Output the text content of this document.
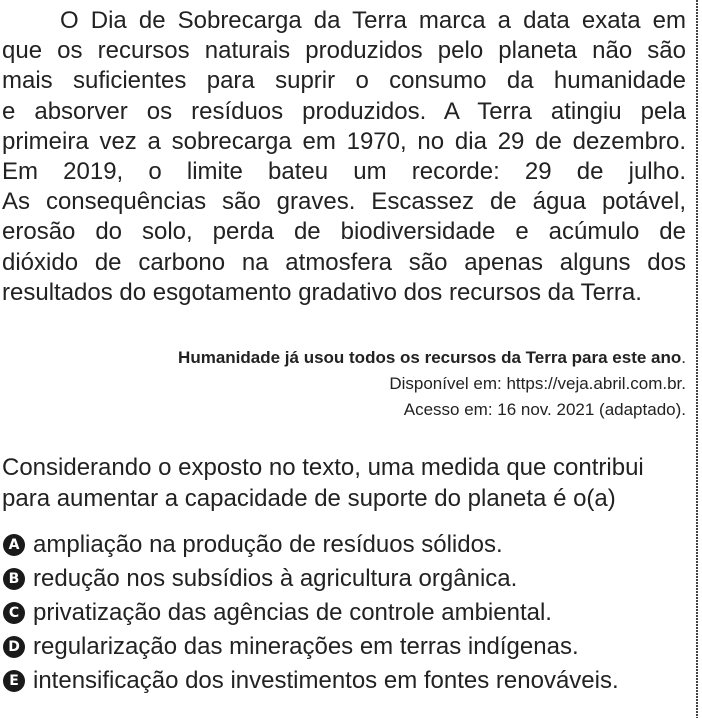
O Dia de Sobrecarga da Terra marca a data exata em
que os recursos naturais produzidos pelo planeta não são
mais suficientes para suprir o consumo da humanidade
e absorver os resíduos produzidos. A Terra atingiu pela
primeira vez a sobrecarga em 1970, no dia 29 de dezembro.
Em 2019, o limite bateu um recorde: 29 de julho.
As consequências são graves. Escassez de água potável,
erosão do solo, perda de biodiversidade e acúmulo de
dióxido de carbono na atmosfera são apenas alguns dos
resultados do esgotamento gradativo dos recursos da Terra.
Humanidade já usou todos os recursos da Terra para este ano.
Disponível em: https://veja.abril.com.br.
Acesso em: 16 nov. 2021 (adaptado).
Considerando o exposto no texto, uma medida que contribui
para aumentar a capacidade de suporte do planeta é o(a)
A ampliação na produção de resíduos sólidos.
B redução nos subsídios à agricultura orgânica.
C privatização das agências de controle ambiental.
D regularização das minerações em terras indígenas.
E intensificação dos investimentos em fontes renováveis.
